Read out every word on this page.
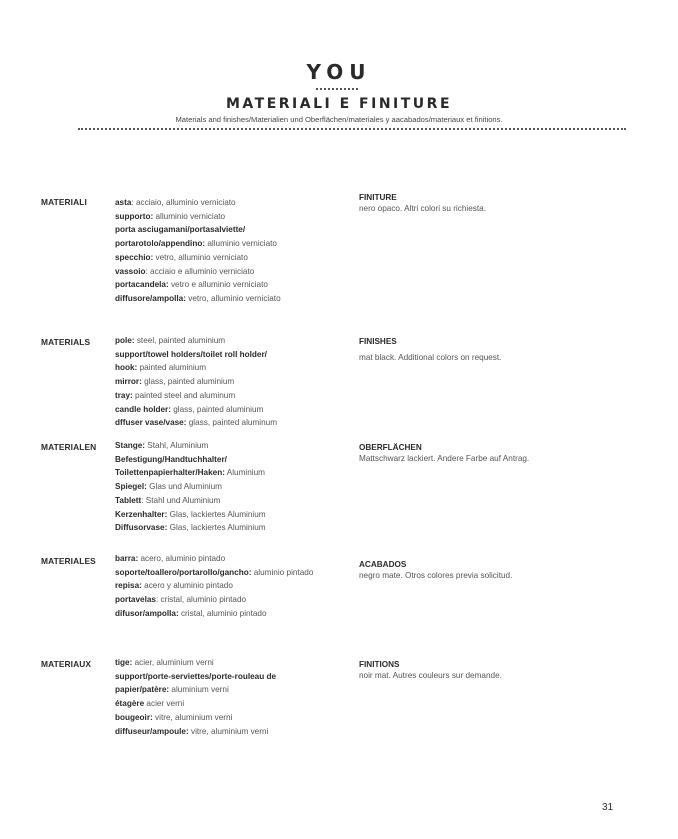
YOU
MATERIALI E FINITURE
Materials and finishes/Materialien und Oberflächen/materiales y aacabados/materiaux et finitions.
MATERIALI	asta: acciaio, alluminio verniciato
supporto: alluminio verniciato
porta asciugamani/portasalviette/
portarotolo/appendino: alluminio verniciato
specchio: vetro, alluminio verniciato
vassoio: acciaio e alluminio verniciato
portacandela: vetro e alluminio verniciato
diffusore/ampolla: vetro, alluminio verniciato
FINITURE
nero opaco. Altri colori su richiesta.
MATERIALS	pole: steel, painted aluminium
support/towel holders/toilet roll holder/
hook: painted aluminium
mirror: glass, painted aluminium
tray: painted steel and aluminum
candle holder: glass, painted aluminium
dffuser vase/vase: glass, painted aluminum
FINISHES
mat black. Additional colors on request.
MATERIALEN Stange: Stahl, Aluminium
Befestigung/Handtuchhalter/
Toilettenpapierhalter/Haken: Aluminium
Spiegel: Glas und Aluminium
Tablett: Stahl und Aluminium
Kerzenhalter: Glas, lackiertes Aluminium
Diffusorvase: Glas, lackiertes Aluminium
OBERFLÄCHEN
Mattschwarz lackiert. Andere Farbe auf Antrag.
MATERIALES barra: acero, aluminio pintado
soporte/toallero/portarollo/gancho: aluminio pintado
repisa: acero y aluminio pintado
portavelas: cristal, aluminio pintado
difusor/ampolla: cristal, aluminio pintado
ACABADOS
negro mate. Otros colores previa solicitud.
MATERIAUX	tige: acier, aluminium verni
support/porte-serviettes/porte-rouleau de
papier/patère: aluminium verni
étagère acier verni
bougeoir: vitre, aluminium verni
diffuseur/ampoule: vitre, aluminium verni
FINITIONS
noir mat. Autres couleurs sur demande.
31
